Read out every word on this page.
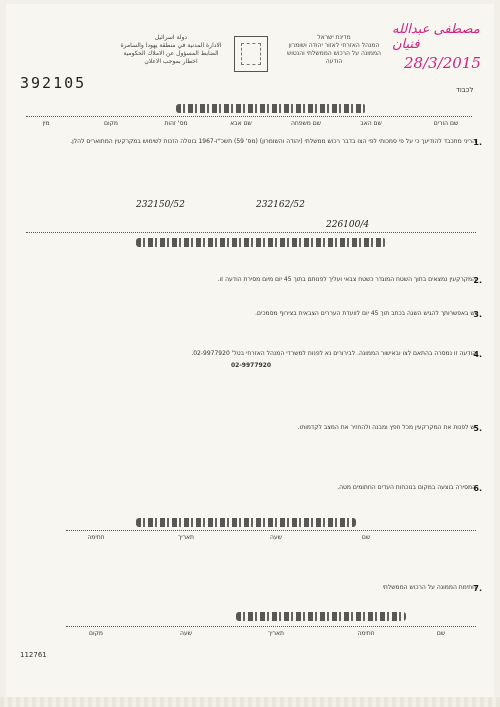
دولة اسرائيل
الادارة المدنية في منطقة يهودا والسامرة
الضابط المسؤول عن الاملاك الحكومية
اخطار بموجب الاعلان
מדינת ישראל
המנהל האזרחי לאזור יהודה ושומרון
הממונה על הרכוש הממשלתי והנטוש
הודעה
392105
مصطفى عبدالله فنيان
28/3/2015
לכבוד
מין	מקום	מס' זהות	שם אבא	שם משפחה	שם האב	שם הורים
1.
הריני מתכבד להודיעך כי על פי סמכותי לפי הצו בדבר רכוש ממשלתי (יהודה והשומרון) (מס' 59) תשכ"ז-1967 בוטלה הזכות לשימוש במקרקעין המתוארים להלן.
232150/52	232162/52
226100/4
2.
המקרקעין נמצאים בתוך השטח המוגדר כשטח צבאי ועליך לפנותם בתוך 45 יום מיום מסירת הודעה זו.
3.
יש באפשרותך להגיש השגה בכתב תוך 45 יום לוועדת העררים הצבאית בצירוף מסמכים.
4.
הודעה זו נמסרה בהתאם לצו ובאישור הממונה. לבירורים נא לפנות למשרדי המנהל האזרחי בטל' 02-9977920.
02-9977920
5.
יש לפנות את המקרקעין מכל חפץ ומבנה ולהחזיר את המצב לקדמותו.
6.
המסירה בוצעה במקום בנוכחות העדים החתומים מטה.
חתימה	תאריך	שעה	שם
7.
חתימת הממונה על הרכוש הממשלתי
מקום	שעה	תאריך	חתימה	שם
112761
